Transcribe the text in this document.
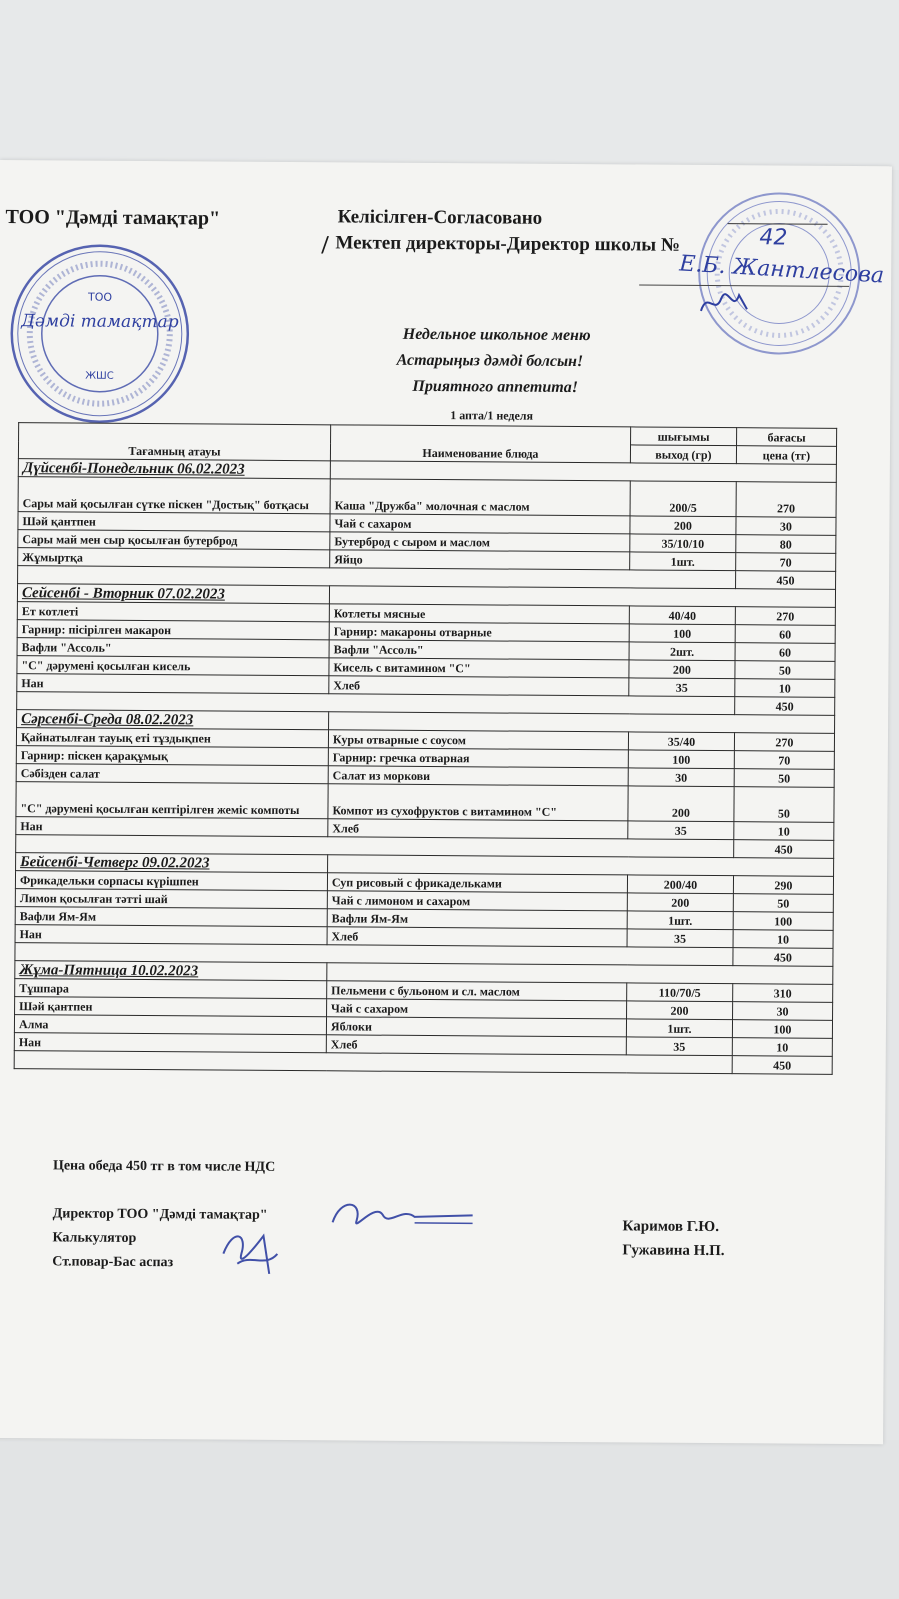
ТОО
Дәмді тамақтар
ЖШС
ТОО "Дәмді тамақтар"	Келісілген-Согласовано
/ Мектеп директоры-Директор школы №	42
Е.Б. Жантлесова
Недельное школьное меню
Астарыңыз дәмді болсын!
Приятного аппетита!
1 апта/1 неделя
Тағамның атауы	Наименование блюда	шығымы	бағасы
		выход (гр)	цена (тг)
Дүйсенбі-Понедельник 06.02.2023			
Сары май қосылған сүтке піскен "Достық" ботқасы	Каша "Дружба" молочная с маслом	200/5	270
Шәй қантпен	Чай с сахаром	200	30
Сары май мен сыр қосылған бутерброд	Бутерброд с сыром и маслом	35/10/10	80
Жұмыртқа	Яйцо	1шт.	70
			450
Сейсенбі - Вторник 07.02.2023			
Ет котлеті	Котлеты мясные	40/40	270
Гарнир: пісірілген макарон	Гарнир: макароны отварные	100	60
Вафли "Ассоль"	Вафли "Ассоль"	2шт.	60
"С" дәрумені қосылған кисель	Кисель с витамином "С"	200	50
Нан	Хлеб	35	10
			450
Сәрсенбі-Среда 08.02.2023			
Қайнатылған тауық еті тұздықпен	Куры отварные с соусом	35/40	270
Гарнир: піскен қарақұмық	Гарнир: гречка отварная	100	70
Сәбізден салат	Салат из моркови	30	50
"С" дәрумені қосылған кептірілген жеміс компоты	Компот из сухофруктов с витамином "С"	200	50
Нан	Хлеб	35	10
			450
Бейсенбі-Четверг 09.02.2023			
Фрикадельки сорпасы күрішпен	Суп рисовый с фрикадельками	200/40	290
Лимон қосылған тәтті шай	Чай с лимоном и сахаром	200	50
Вафли Ям-Ям	Вафли Ям-Ям	1шт.	100
Нан	Хлеб	35	10
			450
Жұма-Пятница 10.02.2023			
Тұшпара	Пельмени с бульоном и сл. маслом	110/70/5	310
Шәй қантпен	Чай с сахаром	200	30
Алма	Яблоки	1шт.	100
Нан	Хлеб	35	10
			450
Цена обеда 450 тг в том числе НДС
Директор ТОО "Дәмді тамақтар"
Калькулятор
Ст.повар-Бас аспаз
Каримов Г.Ю.
Гужавина Н.П.
